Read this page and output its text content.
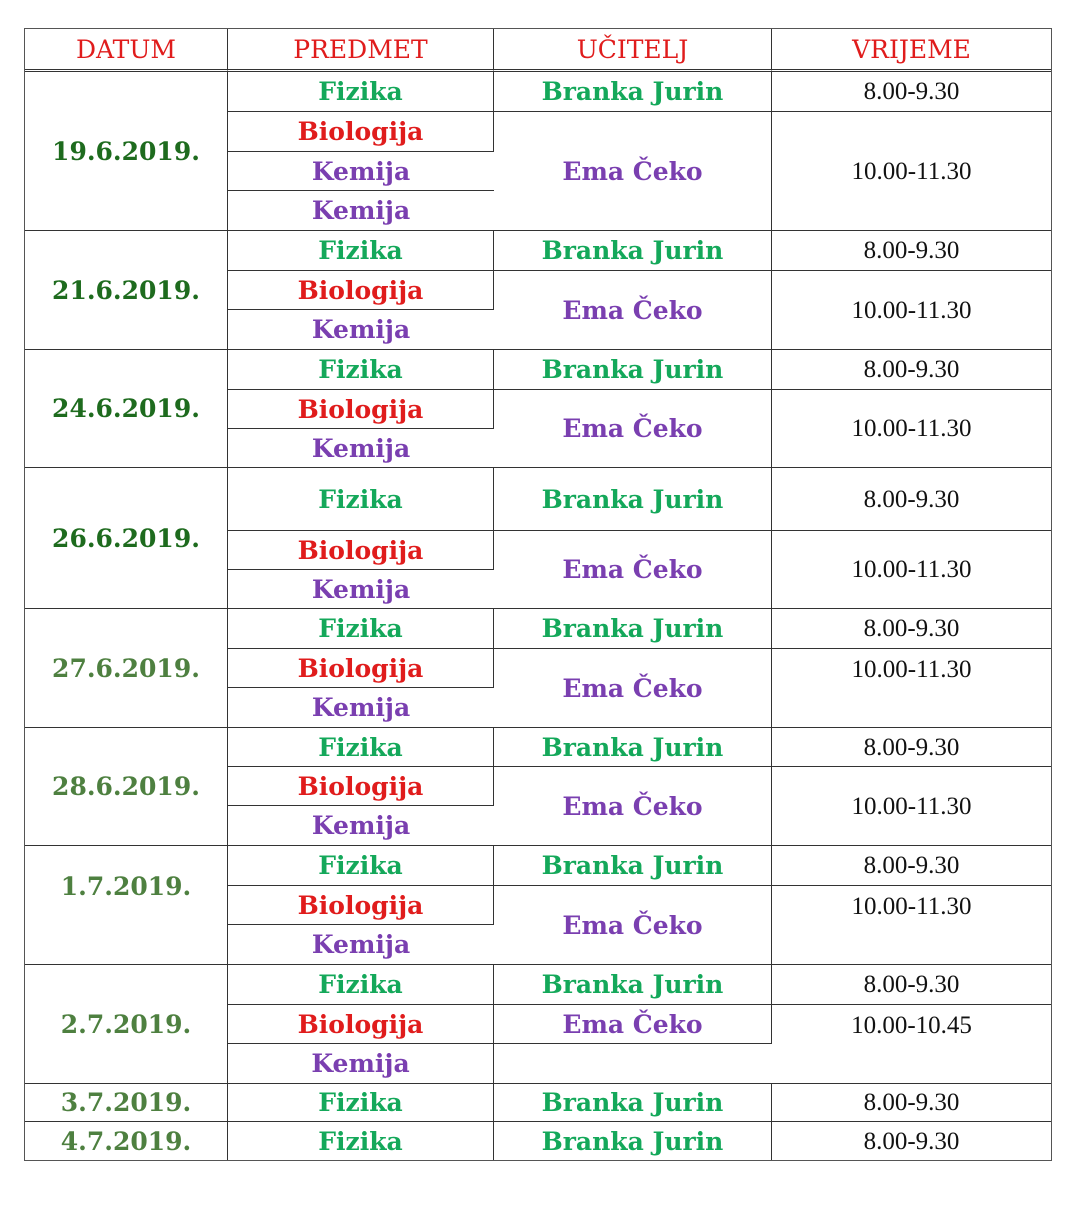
DATUM	PREDMET	UČITELJ	VRIJEME
19.6.2019.	Fizika	Branka Jurin	8.00-9.30
	Biologija	Ema Čeko	10.00-11.30
	Kemija		
	Kemija		
21.6.2019.	Fizika	Branka Jurin	8.00-9.30
	Biologija	Ema Čeko	10.00-11.30
	Kemija		
24.6.2019.	Fizika	Branka Jurin	8.00-9.30
	Biologija	Ema Čeko	10.00-11.30
	Kemija		
26.6.2019.	Fizika	Branka Jurin	8.00-9.30
	Biologija	Ema Čeko	10.00-11.30
	Kemija		
27.6.2019.	Fizika	Branka Jurin	8.00-9.30
	Biologija	Ema Čeko	10.00-11.30
	Kemija		
28.6.2019.	Fizika	Branka Jurin	8.00-9.30
	Biologija	Ema Čeko	10.00-11.30
	Kemija		
1.7.2019.	Fizika	Branka Jurin	8.00-9.30
	Biologija	Ema Čeko	10.00-11.30
	Kemija		
2.7.2019.	Fizika	Branka Jurin	8.00-9.30
	Biologija	Ema Čeko	10.00-10.45
	Kemija		
3.7.2019.	Fizika	Branka Jurin	8.00-9.30
4.7.2019.	Fizika	Branka Jurin	8.00-9.30
